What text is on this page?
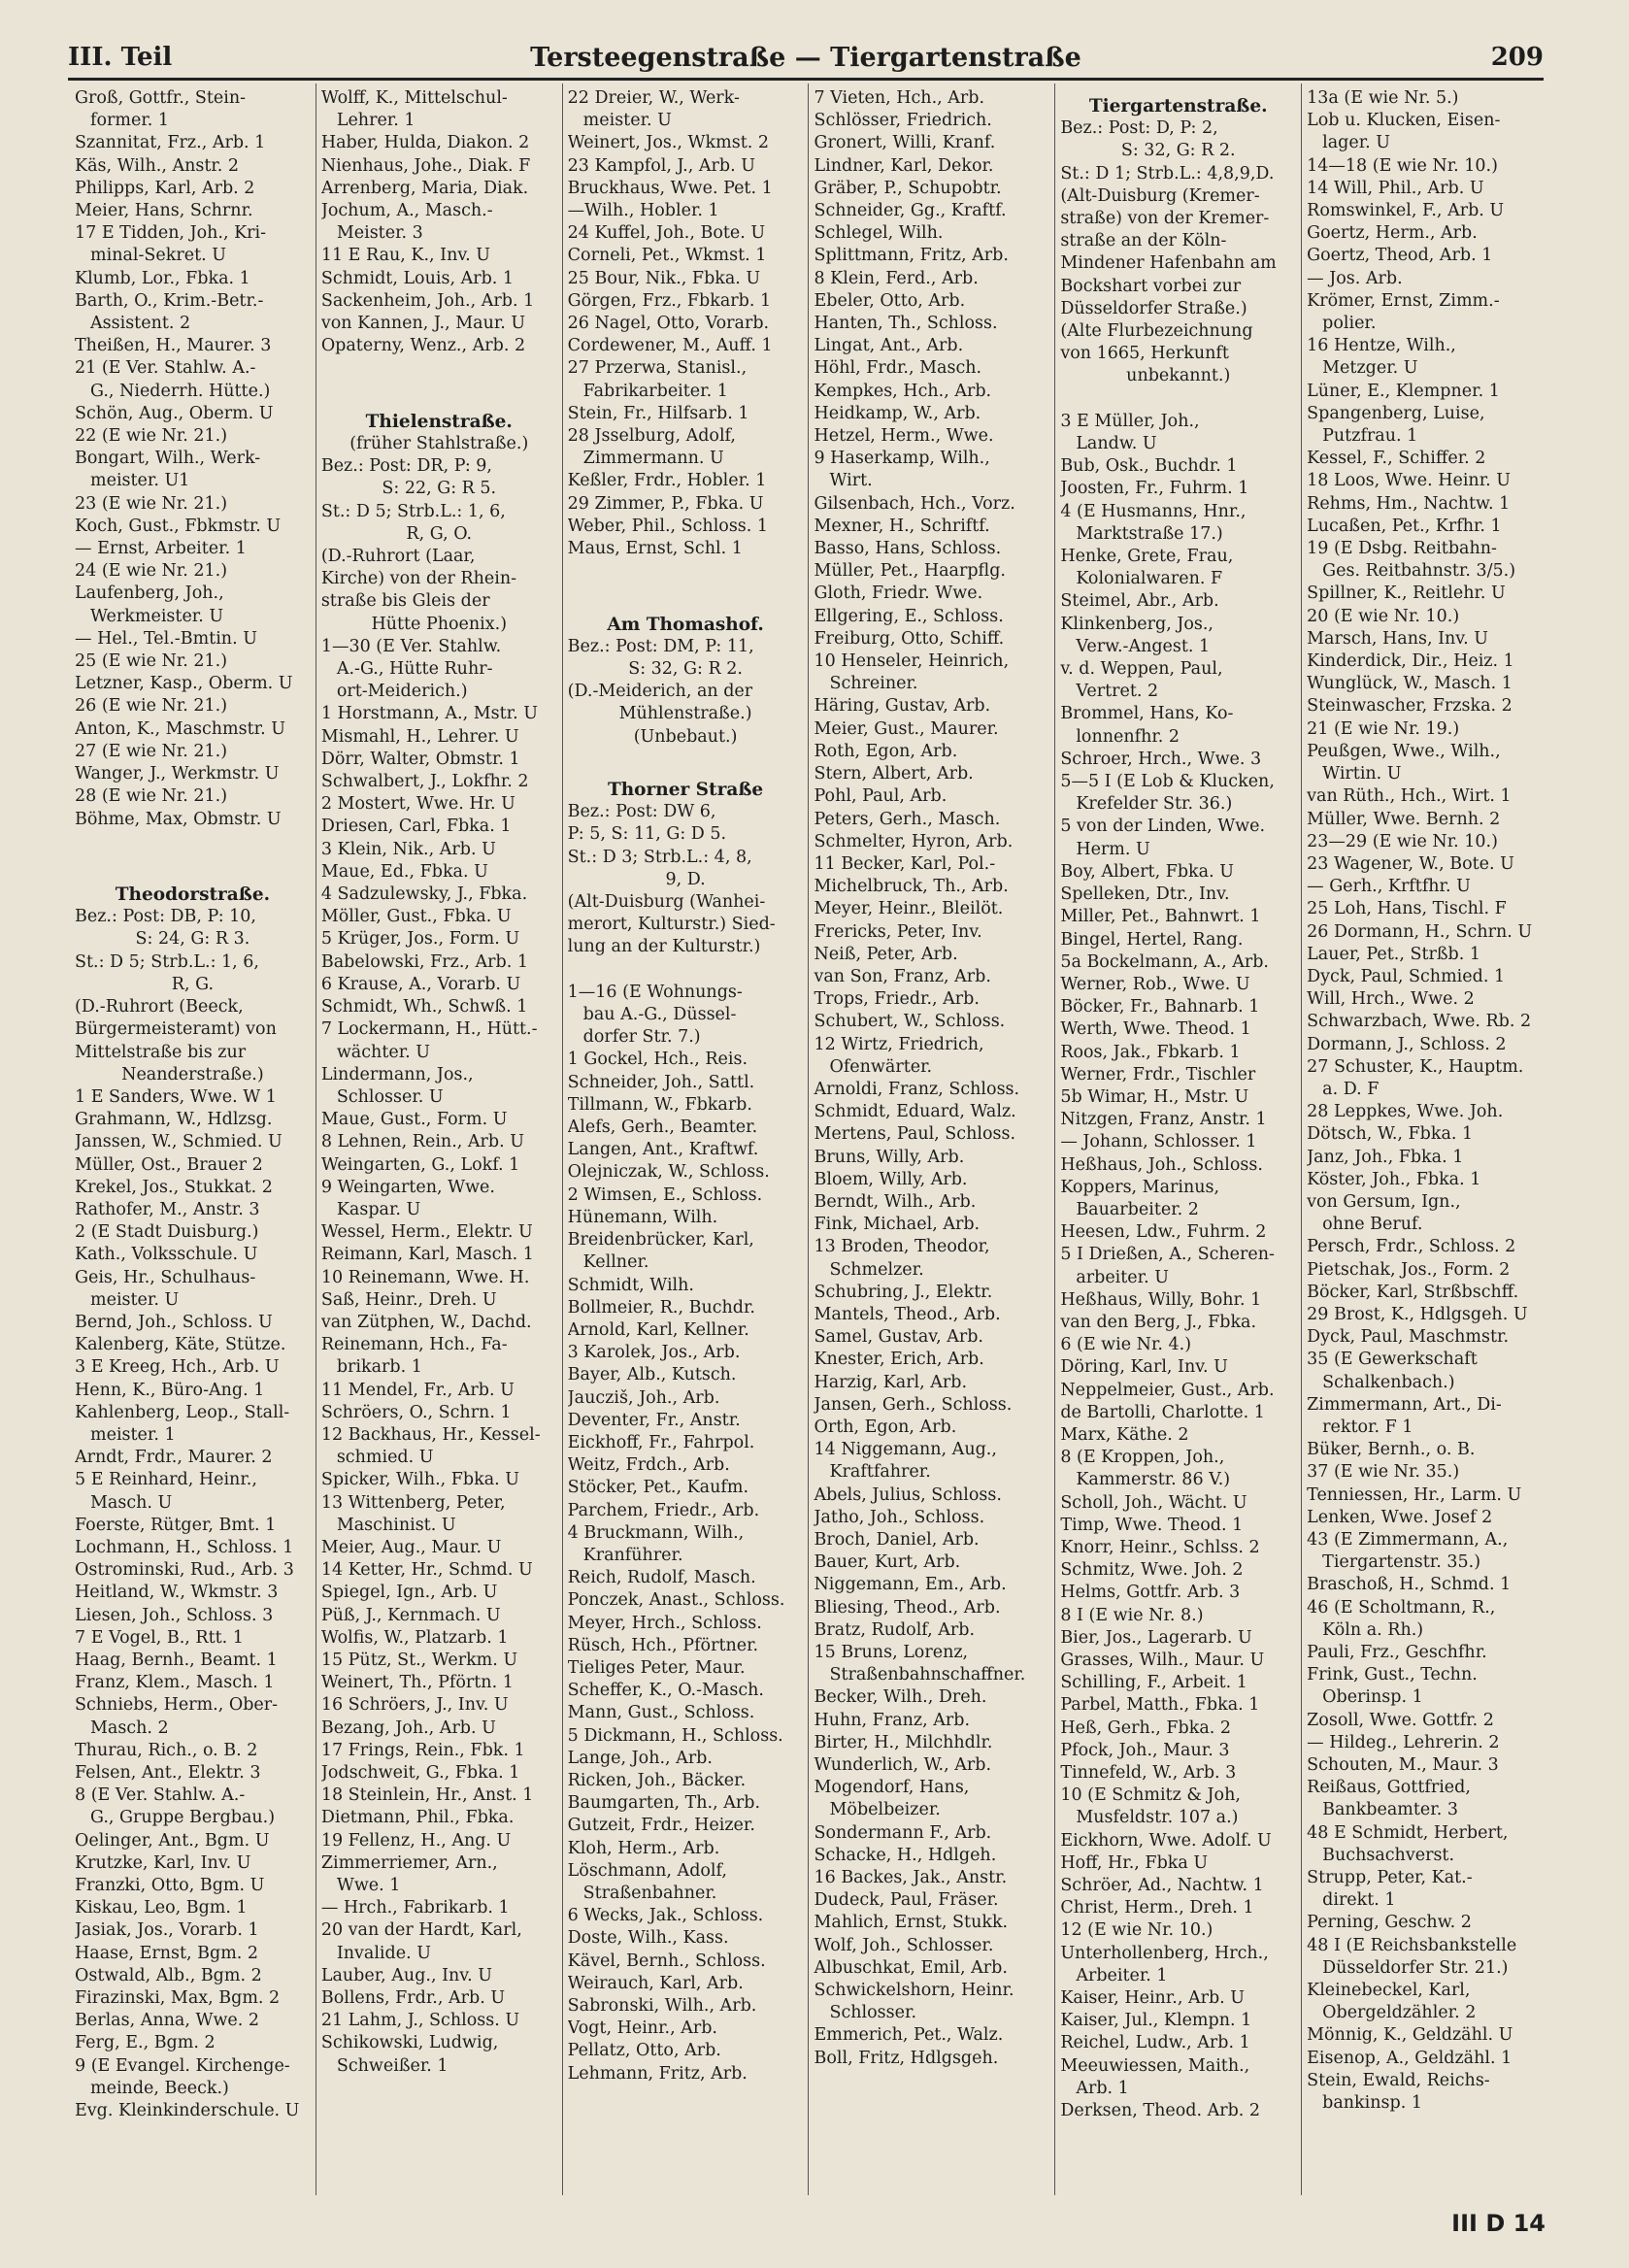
III. Teil	Tersteegenstraße — Tiergartenstraße	209
Groß, Gottfr., Stein-
former. 1
Szannitat, Frz., Arb. 1
Käs, Wilh., Anstr. 2
Philipps, Karl, Arb. 2
Meier, Hans, Schrnr.
17 E Tidden, Joh., Kri-
minal-Sekret. U
Klumb, Lor., Fbka. 1
Barth, O., Krim.-Betr.-
Assistent. 2
Theißen, H., Maurer. 3
21 (E Ver. Stahlw. A.-
G., Niederrh. Hütte.)
Schön, Aug., Oberm. U
22 (E wie Nr. 21.)
Bongart, Wilh., Werk-
meister. U1
23 (E wie Nr. 21.)
Koch, Gust., Fbkmstr. U
— Ernst, Arbeiter. 1
24 (E wie Nr. 21.)
Laufenberg, Joh.,
Werkmeister. U
— Hel., Tel.-Bmtin. U
25 (E wie Nr. 21.)
Letzner, Kasp., Oberm. U
26 (E wie Nr. 21.)
Anton, K., Maschmstr. U
27 (E wie Nr. 21.)
Wanger, J., Werkmstr. U
28 (E wie Nr. 21.)
Böhme, Max, Obmstr. U
Theodorstraße.
Bez.: Post: DB, P: 10,
S: 24, G: R 3.
St.: D 5; Strb.L.: 1, 6,
R, G.
(D.-Ruhrort (Beeck,
Bürgermeisteramt) von
Mittelstraße bis zur
Neanderstraße.)
1 E Sanders, Wwe. W 1
Grahmann, W., Hdlzsg.
Janssen, W., Schmied. U
Müller, Ost., Brauer 2
Krekel, Jos., Stukkat. 2
Rathofer, M., Anstr. 3
2 (E Stadt Duisburg.)
Kath., Volksschule. U
Geis, Hr., Schulhaus-
meister. U
Bernd, Joh., Schloss. U
Kalenberg, Käte, Stütze.
3 E Kreeg, Hch., Arb. U
Henn, K., Büro-Ang. 1
Kahlenberg, Leop., Stall-
meister. 1
Arndt, Frdr., Maurer. 2
5 E Reinhard, Heinr.,
Masch. U
Foerste, Rütger, Bmt. 1
Lochmann, H., Schloss. 1
Ostrominski, Rud., Arb. 3
Heitland, W., Wkmstr. 3
Liesen, Joh., Schloss. 3
7 E Vogel, B., Rtt. 1
Haag, Bernh., Beamt. 1
Franz, Klem., Masch. 1
Schniebs, Herm., Ober-
Masch. 2
Thurau, Rich., o. B. 2
Felsen, Ant., Elektr. 3
8 (E Ver. Stahlw. A.-
G., Gruppe Bergbau.)
Oelinger, Ant., Bgm. U
Krutzke, Karl, Inv. U
Franzki, Otto, Bgm. U
Kiskau, Leo, Bgm. 1
Jasiak, Jos., Vorarb. 1
Haase, Ernst, Bgm. 2
Ostwald, Alb., Bgm. 2
Firazinski, Max, Bgm. 2
Berlas, Anna, Wwe. 2
Ferg, E., Bgm. 2
9 (E Evangel. Kirchenge-
meinde, Beeck.)
Evg. Kleinkinderschule. U
Wolff, K., Mittelschul-
Lehrer. 1
Haber, Hulda, Diakon. 2
Nienhaus, Johe., Diak. F
Arrenberg, Maria, Diak.
Jochum, A., Masch.-
Meister. 3
11 E Rau, K., Inv. U
Schmidt, Louis, Arb. 1
Sackenheim, Joh., Arb. 1
von Kannen, J., Maur. U
Opaterny, Wenz., Arb. 2
Thielenstraße.
(früher Stahlstraße.)
Bez.: Post: DR, P: 9,
S: 22, G: R 5.
St.: D 5; Strb.L.: 1, 6,
R, G, O.
(D.-Ruhrort (Laar,
Kirche) von der Rhein-
straße bis Gleis der
Hütte Phoenix.)
1—30 (E Ver. Stahlw.
A.-G., Hütte Ruhr-
ort-Meiderich.)
1 Horstmann, A., Mstr. U
Mismahl, H., Lehrer. U
Dörr, Walter, Obmstr. 1
Schwalbert, J., Lokfhr. 2
2 Mostert, Wwe. Hr. U
Driesen, Carl, Fbka. 1
3 Klein, Nik., Arb. U
Maue, Ed., Fbka. U
4 Sadzulewsky, J., Fbka.
Möller, Gust., Fbka. U
5 Krüger, Jos., Form. U
Babelowski, Frz., Arb. 1
6 Krause, A., Vorarb. U
Schmidt, Wh., Schwß. 1
7 Lockermann, H., Hütt.-
wächter. U
Lindermann, Jos.,
Schlosser. U
Maue, Gust., Form. U
8 Lehnen, Rein., Arb. U
Weingarten, G., Lokf. 1
9 Weingarten, Wwe.
Kaspar. U
Wessel, Herm., Elektr. U
Reimann, Karl, Masch. 1
10 Reinemann, Wwe. H.
Saß, Heinr., Dreh. U
van Zütphen, W., Dachd.
Reinemann, Hch., Fa-
brikarb. 1
11 Mendel, Fr., Arb. U
Schröers, O., Schrn. 1
12 Backhaus, Hr., Kessel-
schmied. U
Spicker, Wilh., Fbka. U
13 Wittenberg, Peter,
Maschinist. U
Meier, Aug., Maur. U
14 Ketter, Hr., Schmd. U
Spiegel, Ign., Arb. U
Püß, J., Kernmach. U
Wolfis, W., Platzarb. 1
15 Pütz, St., Werkm. U
Weinert, Th., Pförtn. 1
16 Schröers, J., Inv. U
Bezang, Joh., Arb. U
17 Frings, Rein., Fbk. 1
Jodschweit, G., Fbka. 1
18 Steinlein, Hr., Anst. 1
Dietmann, Phil., Fbka.
19 Fellenz, H., Ang. U
Zimmerriemer, Arn.,
Wwe. 1
— Hrch., Fabrikarb. 1
20 van der Hardt, Karl,
Invalide. U
Lauber, Aug., Inv. U
Bollens, Frdr., Arb. U
21 Lahm, J., Schloss. U
Schikowski, Ludwig,
Schweißer. 1
22 Dreier, W., Werk-
meister. U
Weinert, Jos., Wkmst. 2
23 Kampfol, J., Arb. U
Bruckhaus, Wwe. Pet. 1
—Wilh., Hobler. 1
24 Kuffel, Joh., Bote. U
Corneli, Pet., Wkmst. 1
25 Bour, Nik., Fbka. U
Görgen, Frz., Fbkarb. 1
26 Nagel, Otto, Vorarb.
Cordewener, M., Auff. 1
27 Przerwa, Stanisl.,
Fabrikarbeiter. 1
Stein, Fr., Hilfsarb. 1
28 Jsselburg, Adolf,
Zimmermann. U
Keßler, Frdr., Hobler. 1
29 Zimmer, P., Fbka. U
Weber, Phil., Schloss. 1
Maus, Ernst, Schl. 1
Am Thomashof.
Bez.: Post: DM, P: 11,
S: 32, G: R 2.
(D.-Meiderich, an der
Mühlenstraße.)
(Unbebaut.)
Thorner Straße
Bez.: Post: DW 6,
P: 5, S: 11, G: D 5.
St.: D 3; Strb.L.: 4, 8,
9, D.
(Alt-Duisburg (Wanhei-
merort, Kulturstr.) Sied-
lung an der Kulturstr.)
1—16 (E Wohnungs-
bau A.-G., Düssel-
dorfer Str. 7.)
1 Gockel, Hch., Reis.
Schneider, Joh., Sattl.
Tillmann, W., Fbkarb.
Alefs, Gerh., Beamter.
Langen, Ant., Kraftwf.
Olejniczak, W., Schloss.
2 Wimsen, E., Schloss.
Hünemann, Wilh.
Breidenbrücker, Karl,
Kellner.
Schmidt, Wilh.
Bollmeier, R., Buchdr.
Arnold, Karl, Kellner.
3 Karolek, Jos., Arb.
Bayer, Alb., Kutsch.
Jaucziš, Joh., Arb.
Deventer, Fr., Anstr.
Eickhoff, Fr., Fahrpol.
Weitz, Frdch., Arb.
Stöcker, Pet., Kaufm.
Parchem, Friedr., Arb.
4 Bruckmann, Wilh.,
Kranführer.
Reich, Rudolf, Masch.
Ponczek, Anast., Schloss.
Meyer, Hrch., Schloss.
Rüsch, Hch., Pförtner.
Tieliges Peter, Maur.
Scheffer, K., O.-Masch.
Mann, Gust., Schloss.
5 Dickmann, H., Schloss.
Lange, Joh., Arb.
Ricken, Joh., Bäcker.
Baumgarten, Th., Arb.
Gutzeit, Frdr., Heizer.
Kloh, Herm., Arb.
Löschmann, Adolf,
Straßenbahner.
6 Wecks, Jak., Schloss.
Doste, Wilh., Kass.
Kävel, Bernh., Schloss.
Weirauch, Karl, Arb.
Sabronski, Wilh., Arb.
Vogt, Heinr., Arb.
Pellatz, Otto, Arb.
Lehmann, Fritz, Arb.
7 Vieten, Hch., Arb.
Schlösser, Friedrich.
Gronert, Willi, Kranf.
Lindner, Karl, Dekor.
Gräber, P., Schupobtr.
Schneider, Gg., Kraftf.
Schlegel, Wilh.
Splittmann, Fritz, Arb.
8 Klein, Ferd., Arb.
Ebeler, Otto, Arb.
Hanten, Th., Schloss.
Lingat, Ant., Arb.
Höhl, Frdr., Masch.
Kempkes, Hch., Arb.
Heidkamp, W., Arb.
Hetzel, Herm., Wwe.
9 Haserkamp, Wilh.,
Wirt.
Gilsenbach, Hch., Vorz.
Mexner, H., Schriftf.
Basso, Hans, Schloss.
Müller, Pet., Haarpflg.
Gloth, Friedr. Wwe.
Ellgering, E., Schloss.
Freiburg, Otto, Schiff.
10 Henseler, Heinrich,
Schreiner.
Häring, Gustav, Arb.
Meier, Gust., Maurer.
Roth, Egon, Arb.
Stern, Albert, Arb.
Pohl, Paul, Arb.
Peters, Gerh., Masch.
Schmelter, Hyron, Arb.
11 Becker, Karl, Pol.-
Michelbruck, Th., Arb.
Meyer, Heinr., Bleilöt.
Frericks, Peter, Inv.
Neiß, Peter, Arb.
van Son, Franz, Arb.
Trops, Friedr., Arb.
Schubert, W., Schloss.
12 Wirtz, Friedrich,
Ofenwärter.
Arnoldi, Franz, Schloss.
Schmidt, Eduard, Walz.
Mertens, Paul, Schloss.
Bruns, Willy, Arb.
Bloem, Willy, Arb.
Berndt, Wilh., Arb.
Fink, Michael, Arb.
13 Broden, Theodor,
Schmelzer.
Schubring, J., Elektr.
Mantels, Theod., Arb.
Samel, Gustav, Arb.
Knester, Erich, Arb.
Harzig, Karl, Arb.
Jansen, Gerh., Schloss.
Orth, Egon, Arb.
14 Niggemann, Aug.,
Kraftfahrer.
Abels, Julius, Schloss.
Jatho, Joh., Schloss.
Broch, Daniel, Arb.
Bauer, Kurt, Arb.
Niggemann, Em., Arb.
Bliesing, Theod., Arb.
Bratz, Rudolf, Arb.
15 Bruns, Lorenz,
Straßenbahnschaffner.
Becker, Wilh., Dreh.
Huhn, Franz, Arb.
Birter, H., Milchhdlr.
Wunderlich, W., Arb.
Mogendorf, Hans,
Möbelbeizer.
Sondermann F., Arb.
Schacke, H., Hdlgeh.
16 Backes, Jak., Anstr.
Dudeck, Paul, Fräser.
Mahlich, Ernst, Stukk.
Wolf, Joh., Schlosser.
Albuschkat, Emil, Arb.
Schwickelshorn, Heinr.
Schlosser.
Emmerich, Pet., Walz.
Boll, Fritz, Hdlgsgeh.
Tiergartenstraße.
Bez.: Post: D, P: 2,
S: 32, G: R 2.
St.: D 1; Strb.L.: 4,8,9,D.
(Alt-Duisburg (Kremer-
straße) von der Kremer-
straße an der Köln-
Mindener Hafenbahn am
Bockshart vorbei zur
Düsseldorfer Straße.)
(Alte Flurbezeichnung
von 1665, Herkunft
unbekannt.)
3 E Müller, Joh.,
Landw. U
Bub, Osk., Buchdr. 1
Joosten, Fr., Fuhrm. 1
4 (E Husmanns, Hnr.,
Marktstraße 17.)
Henke, Grete, Frau,
Kolonialwaren. F
Steimel, Abr., Arb.
Klinkenberg, Jos.,
Verw.-Angest. 1
v. d. Weppen, Paul,
Vertret. 2
Brommel, Hans, Ko-
lonnenfhr. 2
Schroer, Hrch., Wwe. 3
5—5 I (E Lob & Klucken,
Krefelder Str. 36.)
5 von der Linden, Wwe.
Herm. U
Boy, Albert, Fbka. U
Spelleken, Dtr., Inv.
Miller, Pet., Bahnwrt. 1
Bingel, Hertel, Rang.
5a Bockelmann, A., Arb.
Werner, Rob., Wwe. U
Böcker, Fr., Bahnarb. 1
Werth, Wwe. Theod. 1
Roos, Jak., Fbkarb. 1
Werner, Frdr., Tischler
5b Wimar, H., Mstr. U
Nitzgen, Franz, Anstr. 1
— Johann, Schlosser. 1
Heßhaus, Joh., Schloss.
Koppers, Marinus,
Bauarbeiter. 2
Heesen, Ldw., Fuhrm. 2
5 I Drießen, A., Scheren-
arbeiter. U
Heßhaus, Willy, Bohr. 1
van den Berg, J., Fbka.
6 (E wie Nr. 4.)
Döring, Karl, Inv. U
Neppelmeier, Gust., Arb.
de Bartolli, Charlotte. 1
Marx, Käthe. 2
8 (E Kroppen, Joh.,
Kammerstr. 86 V.)
Scholl, Joh., Wächt. U
Timp, Wwe. Theod. 1
Knorr, Heinr., Schlss. 2
Schmitz, Wwe. Joh. 2
Helms, Gottfr. Arb. 3
8 I (E wie Nr. 8.)
Bier, Jos., Lagerarb. U
Grasses, Wilh., Maur. U
Schilling, F., Arbeit. 1
Parbel, Matth., Fbka. 1
Heß, Gerh., Fbka. 2
Pfock, Joh., Maur. 3
Tinnefeld, W., Arb. 3
10 (E Schmitz & Joh,
Musfeldstr. 107 a.)
Eickhorn, Wwe. Adolf. U
Hoff, Hr., Fbka U
Schröer, Ad., Nachtw. 1
Christ, Herm., Dreh. 1
12 (E wie Nr. 10.)
Unterhollenberg, Hrch.,
Arbeiter. 1
Kaiser, Heinr., Arb. U
Kaiser, Jul., Klempn. 1
Reichel, Ludw., Arb. 1
Meeuwiessen, Maith.,
Arb. 1
Derksen, Theod. Arb. 2
13a (E wie Nr. 5.)
Lob u. Klucken, Eisen-
lager. U
14—18 (E wie Nr. 10.)
14 Will, Phil., Arb. U
Romswinkel, F., Arb. U
Goertz, Herm., Arb.
Goertz, Theod, Arb. 1
— Jos. Arb.
Krömer, Ernst, Zimm.-
polier.
16 Hentze, Wilh.,
Metzger. U
Lüner, E., Klempner. 1
Spangenberg, Luise,
Putzfrau. 1
Kessel, F., Schiffer. 2
18 Loos, Wwe. Heinr. U
Rehms, Hm., Nachtw. 1
Lucaßen, Pet., Krfhr. 1
19 (E Dsbg. Reitbahn-
Ges. Reitbahnstr. 3/5.)
Spillner, K., Reitlehr. U
20 (E wie Nr. 10.)
Marsch, Hans, Inv. U
Kinderdick, Dir., Heiz. 1
Wunglück, W., Masch. 1
Steinwascher, Frzska. 2
21 (E wie Nr. 19.)
Peußgen, Wwe., Wilh.,
Wirtin. U
van Rüth., Hch., Wirt. 1
Müller, Wwe. Bernh. 2
23—29 (E wie Nr. 10.)
23 Wagener, W., Bote. U
— Gerh., Krftfhr. U
25 Loh, Hans, Tischl. F
26 Dormann, H., Schrn. U
Lauer, Pet., Strßb. 1
Dyck, Paul, Schmied. 1
Will, Hrch., Wwe. 2
Schwarzbach, Wwe. Rb. 2
Dormann, J., Schloss. 2
27 Schuster, K., Hauptm.
a. D. F
28 Leppkes, Wwe. Joh.
Dötsch, W., Fbka. 1
Janz, Joh., Fbka. 1
Köster, Joh., Fbka. 1
von Gersum, Ign.,
ohne Beruf.
Persch, Frdr., Schloss. 2
Pietschak, Jos., Form. 2
Böcker, Karl, Strßbschff.
29 Brost, K., Hdlgsgeh. U
Dyck, Paul, Maschmstr.
35 (E Gewerkschaft
Schalkenbach.)
Zimmermann, Art., Di-
rektor. F 1
Büker, Bernh., o. B.
37 (E wie Nr. 35.)
Tenniessen, Hr., Larm. U
Lenken, Wwe. Josef 2
43 (E Zimmermann, A.,
Tiergartenstr. 35.)
Braschoß, H., Schmd. 1
46 (E Scholtmann, R.,
Köln a. Rh.)
Pauli, Frz., Geschfhr.
Frink, Gust., Techn.
Oberinsp. 1
Zosoll, Wwe. Gottfr. 2
— Hildeg., Lehrerin. 2
Schouten, M., Maur. 3
Reißaus, Gottfried,
Bankbeamter. 3
48 E Schmidt, Herbert,
Buchsachverst.
Strupp, Peter, Kat.-
direkt. 1
Perning, Geschw. 2
48 I (E Reichsbankstelle
Düsseldorfer Str. 21.)
Kleinebeckel, Karl,
Obergeldzähler. 2
Mönnig, K., Geldzähl. U
Eisenop, A., Geldzähl. 1
Stein, Ewald, Reichs-
bankinsp. 1
III D 14
